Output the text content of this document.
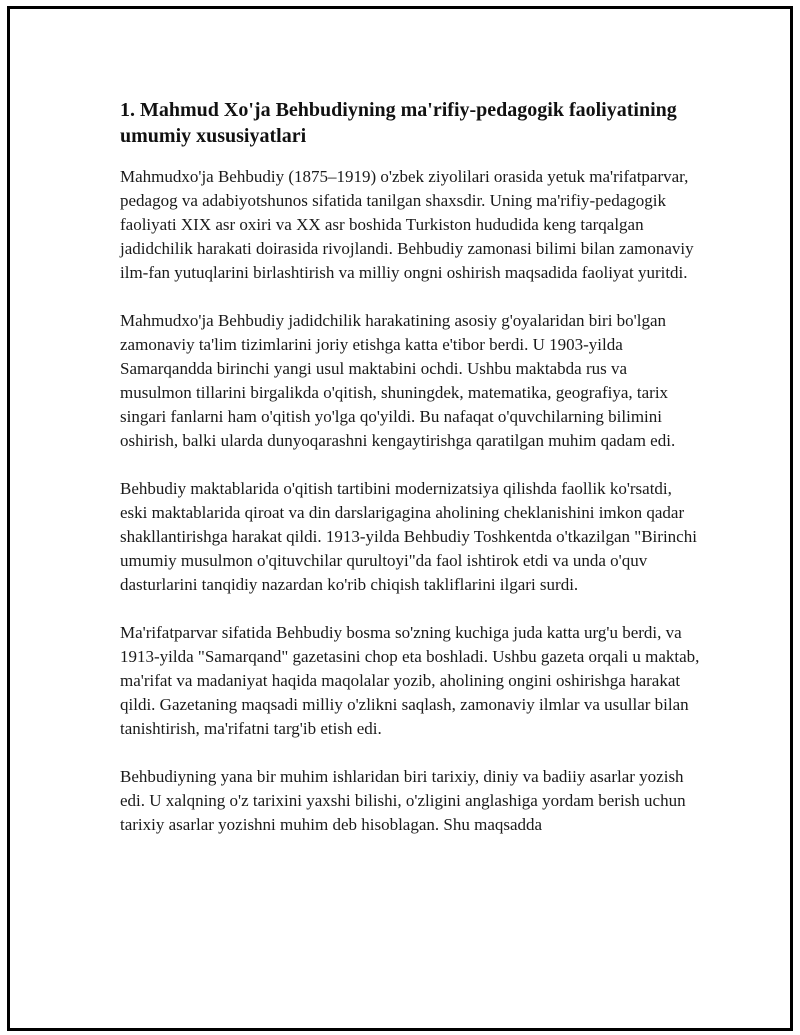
1. Mahmud Xo'ja Behbudiyning ma'rifiy-pedagogik faoliyatining umumiy xususiyatlari

Mahmudxo'ja Behbudiy (1875–1919) o'zbek ziyolilari orasida yetuk ma'rifatparvar, pedagog va adabiyotshunos sifatida tanilgan shaxsdir. Uning ma'rifiy-pedagogik faoliyati XIX asr oxiri va XX asr boshida Turkiston hududida keng tarqalgan jadidchilik harakati doirasida rivojlandi. Behbudiy zamonasi bilimi bilan zamonaviy ilm-fan yutuqlarini birlashtirish va milliy ongni oshirish maqsadida faoliyat yuritdi.

Mahmudxo'ja Behbudiy jadidchilik harakatining asosiy g'oyalaridan biri bo'lgan zamonaviy ta'lim tizimlarini joriy etishga katta e'tibor berdi. U 1903-yilda Samarqandda birinchi yangi usul maktabini ochdi. Ushbu maktabda rus va musulmon tillarini birgalikda o'qitish, shuningdek, matematika, geografiya, tarix singari fanlarni ham o'qitish yo'lga qo'yildi. Bu nafaqat o'quvchilarning bilimini oshirish, balki ularda dunyoqarashni kengaytirishga qaratilgan muhim qadam edi.

Behbudiy maktablarida o'qitish tartibini modernizatsiya qilishda faollik ko'rsatdi, eski maktablarida qiroat va din darslarigagina aholining cheklanishini imkon qadar shakllantirishga harakat qildi. 1913-yilda Behbudiy Toshkentda o'tkazilgan "Birinchi umumiy musulmon o'qituvchilar qurultoyi"da faol ishtirok etdi va unda o'quv dasturlarini tanqidiy nazardan ko'rib chiqish takliflarini ilgari surdi.

Ma'rifatparvar sifatida Behbudiy bosma so'zning kuchiga juda katta urg'u berdi, va 1913-yilda "Samarqand" gazetasini chop eta boshladi. Ushbu gazeta orqali u maktab, ma'rifat va madaniyat haqida maqolalar yozib, aholining ongini oshirishga harakat qildi. Gazetaning maqsadi milliy o'zlikni saqlash, zamonaviy ilmlar va usullar bilan tanishtirish, ma'rifatni targ'ib etish edi.

Behbudiyning yana bir muhim ishlaridan biri tarixiy, diniy va badiiy asarlar yozish edi. U xalqning o'z tarixini yaxshi bilishi, o'zligini anglashiga yordam berish uchun tarixiy asarlar yozishni muhim deb hisoblagan. Shu maqsadda
